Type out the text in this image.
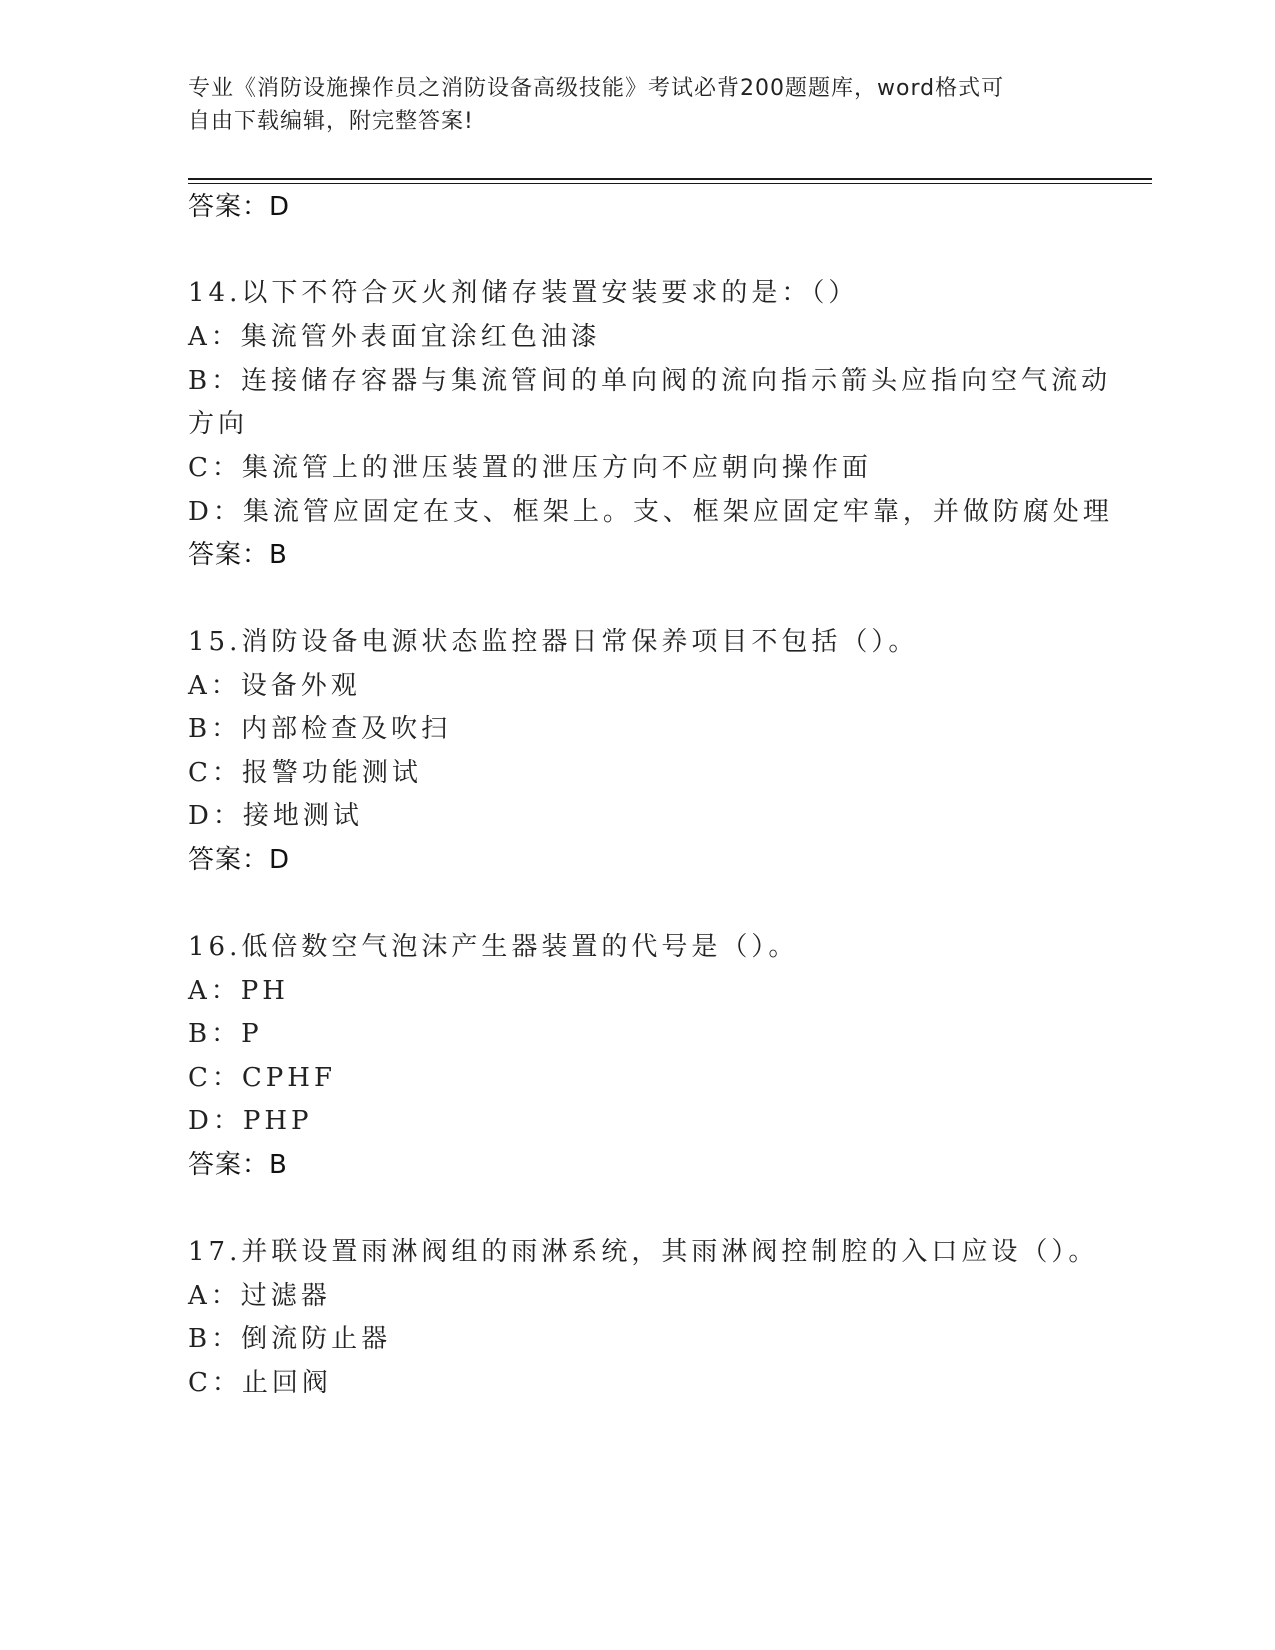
专业《消防设施操作员之消防设备高级技能》考试必背200题题库，word格式可
自由下载编辑，附完整答案!
答案：D
14.以下不符合灭火剂储存装置安装要求的是：（）
A：集流管外表面宜涂红色油漆
B：连接储存容器与集流管间的单向阀的流向指示箭头应指向空气流动
方向
C：集流管上的泄压装置的泄压方向不应朝向操作面
D：集流管应固定在支、框架上。支、框架应固定牢靠，并做防腐处理
答案：B
15.消防设备电源状态监控器日常保养项目不包括（）。
A：设备外观
B：内部检查及吹扫
C：报警功能测试
D：接地测试
答案：D
16.低倍数空气泡沫产生器装置的代号是（）。
A：PH
B：P
C：CPHF
D：PHP
答案：B
17.并联设置雨淋阀组的雨淋系统，其雨淋阀控制腔的入口应设（）。
A：过滤器
B：倒流防止器
C：止回阀
